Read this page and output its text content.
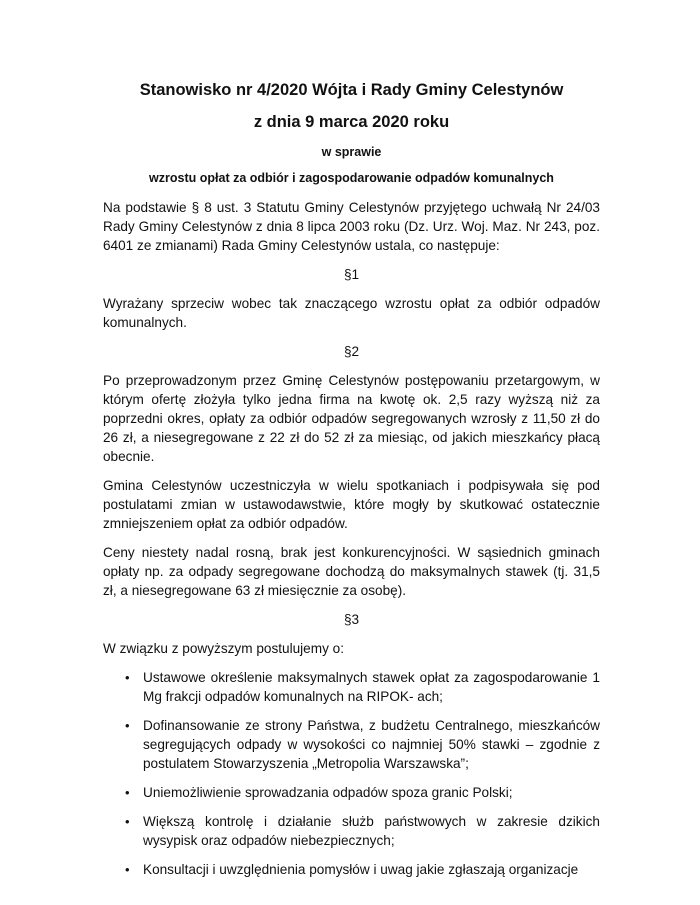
Stanowisko nr 4/2020 Wójta i Rady Gminy Celestynów
z dnia 9 marca 2020 roku
w sprawie
wzrostu opłat za odbiór i zagospodarowanie odpadów komunalnych

Na podstawie § 8 ust. 3 Statutu Gminy Celestynów przyjętego uchwałą Nr 24/03 Rady Gminy Celestynów z dnia 8 lipca 2003 roku (Dz. Urz. Woj. Maz. Nr 243, poz. 6401 ze zmianami) Rada Gminy Celestynów ustala, co następuje:

§1

Wyrażany sprzeciw wobec tak znaczącego wzrostu opłat za odbiór odpadów komunalnych.

§2

Po przeprowadzonym przez Gminę Celestynów postępowaniu przetargowym, w którym ofertę złożyła tylko jedna firma na kwotę ok. 2,5 razy wyższą niż za poprzedni okres, opłaty za odbiór odpadów segregowanych wzrosły z 11,50 zł do 26 zł, a niesegregowane z 22 zł do 52 zł za miesiąc, od jakich mieszkańcy płacą obecnie.

Gmina Celestynów uczestniczyła w wielu spotkaniach i podpisywała się pod postulatami zmian w ustawodawstwie, które mogły by skutkować ostatecznie zmniejszeniem opłat za odbiór odpadów.

Ceny niestety nadal rosną, brak jest konkurencyjności. W sąsiednich gminach opłaty np. za odpady segregowane dochodzą do maksymalnych stawek (tj. 31,5 zł, a niesegregowane 63 zł miesięcznie za osobę).

§3

W związku z powyższym postulujemy o:

• Ustawowe określenie maksymalnych stawek opłat za zagospodarowanie 1 Mg frakcji odpadów komunalnych na RIPOK- ach;
• Dofinansowanie ze strony Państwa, z budżetu Centralnego, mieszkańców segregujących odpady w wysokości co najmniej 50% stawki – zgodnie z postulatem Stowarzyszenia „Metropolia Warszawska”;
• Uniemożliwienie sprowadzania odpadów spoza granic Polski;
• Większą kontrolę i działanie służb państwowych w zakresie dzikich wysypisk oraz odpadów niebezpiecznych;
• Konsultacji i uwzględnienia pomysłów i uwag jakie zgłaszają organizacje
